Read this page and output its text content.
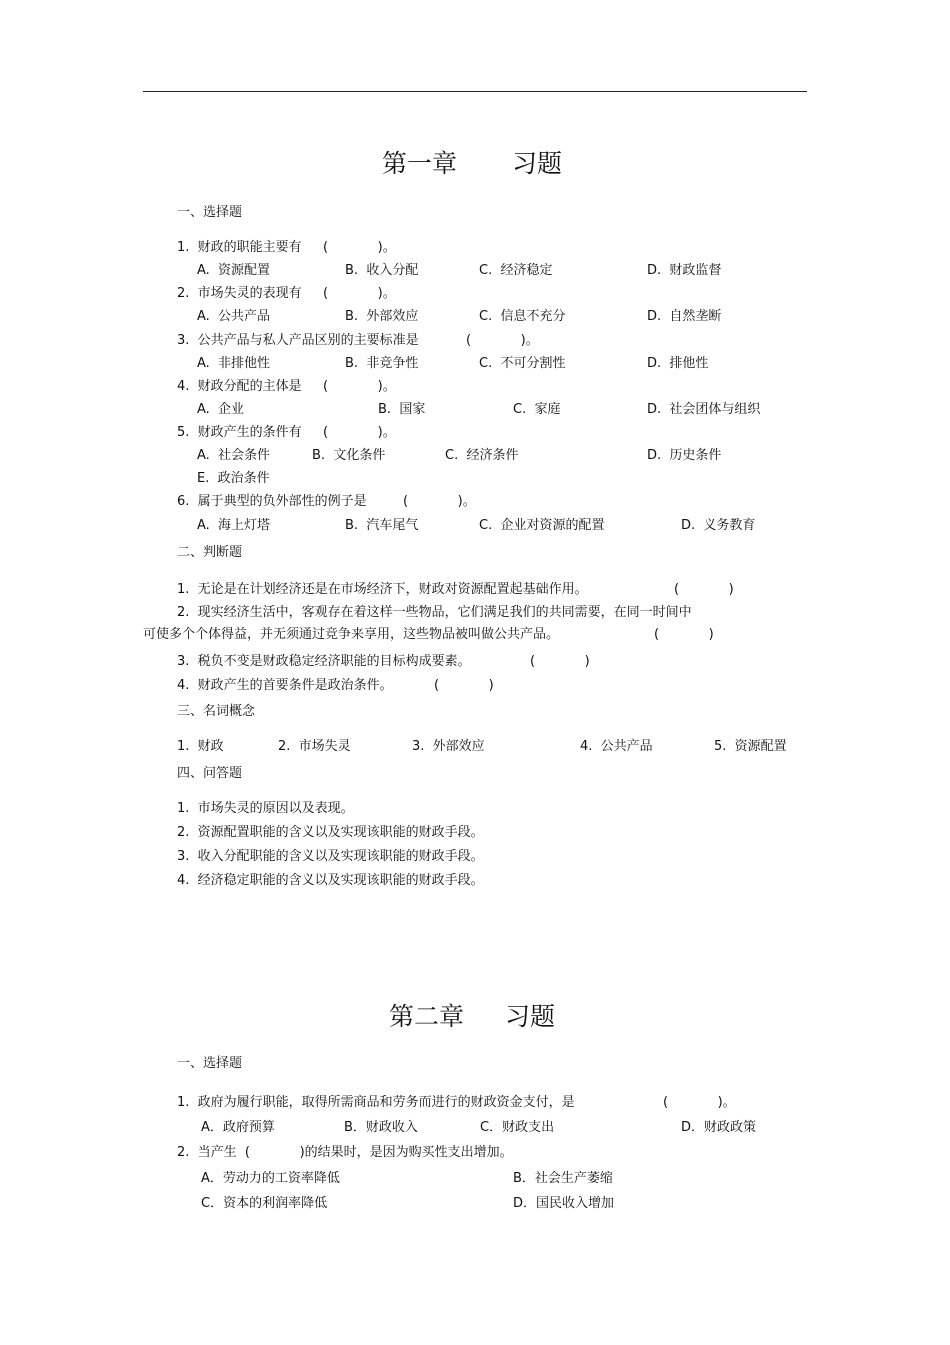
第一章 习题
一、选择题
1.  财政的职能主要有 (            )。
A.  资源配置	B.  收入分配	C.  经济稳定	D.  财政监督
2.  市场失灵的表现有 (            )。
A.  公共产品	B.  外部效应	C.  信息不充分	D.  自然垄断
3.  公共产品与私人产品区别的主要标准是	(            )。
A.  非排他性	B.  非竞争性	C.  不可分割性	D.  排他性
4.  财政分配的主体是 (            )。
A.  企业	B.  国家	C.  家庭	D.  社会团体与组织
5.  财政产生的条件有 (            )。
A.  社会条件	B.  文化条件	C.  经济条件	D.  历史条件
E.  政治条件
6.  属于典型的负外部性的例子是	(            )。
A.  海上灯塔	B.  汽车尾气	C.  企业对资源的配置	D.  义务教育
二、判断题
1.  无论是在计划经济还是在市场经济下，财政对资源配置起基础作用。	(            )
2.  现实经济生活中，客观存在着这样一些物品，它们满足我们的共同需要，在同一时间中
可使多个个体得益，并无须通过竞争来享用，这些物品被叫做公共产品。	(            )
3.  税负不变是财政稳定经济职能的目标构成要素。	(            )
4.  财政产生的首要条件是政治条件。	(            )
三、名词概念
1.  财政	2.  市场失灵	3.  外部效应	4.  公共产品	5.  资源配置
四、问答题
1.  市场失灵的原因以及表现。
2.  资源配置职能的含义以及实现该职能的财政手段。
3.  收入分配职能的含义以及实现该职能的财政手段。
4.  经济稳定职能的含义以及实现该职能的财政手段。
第二章 习题
一、选择题
1.  政府为履行职能，取得所需商品和劳务而进行的财政资金支付，是	(            )。
A．政府预算	B．财政收入	C．财政支出	D．财政政策
2.  当产生  (            )的结果时，是因为购买性支出增加。
A．劳动力的工资率降低	B．社会生产萎缩
C．资本的利润率降低	D．国民收入增加
